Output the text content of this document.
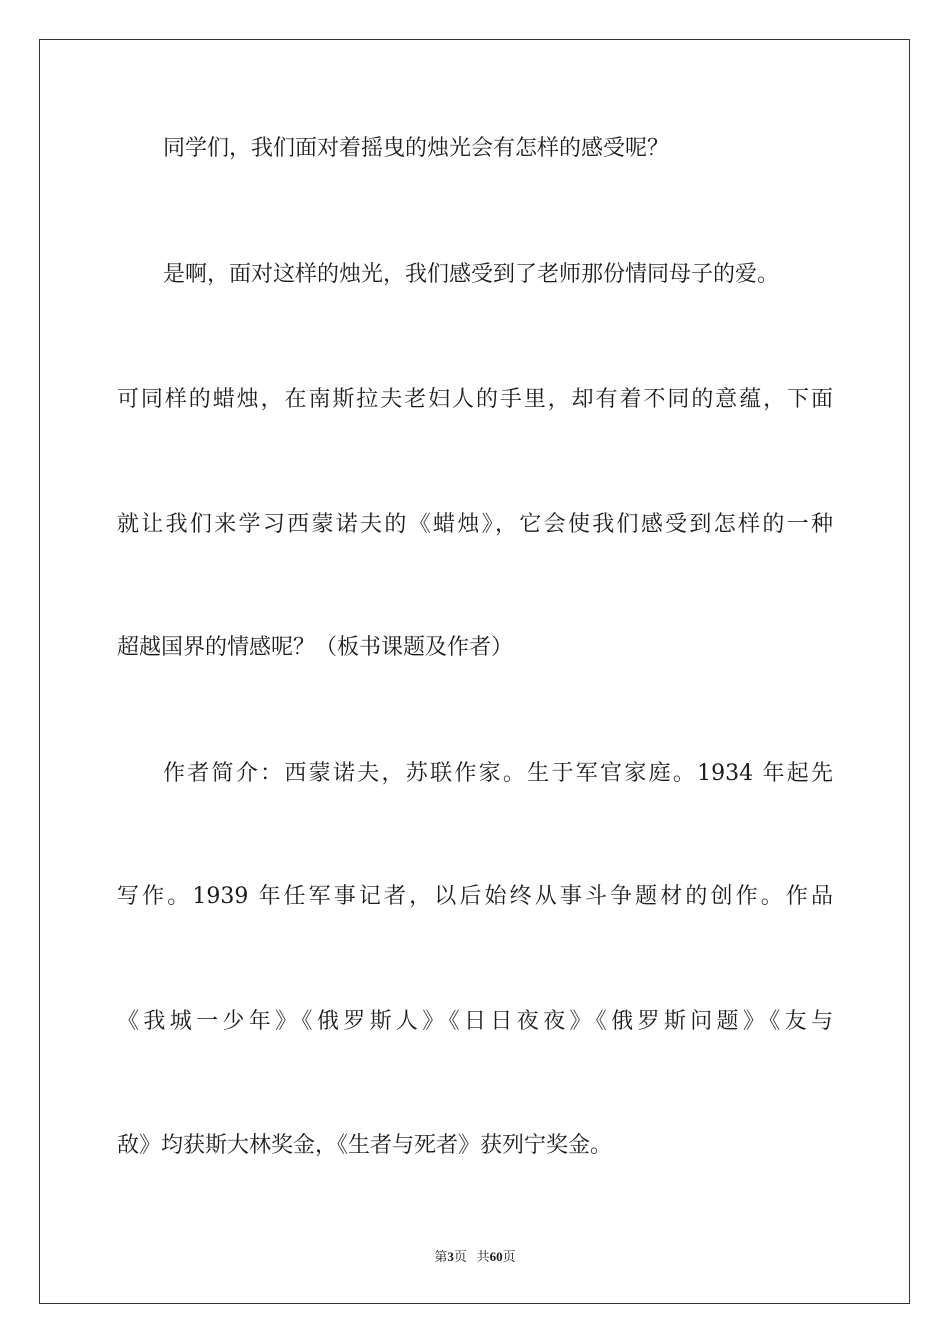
同学们，我们面对着摇曳的烛光会有怎样的感受呢？
是啊，面对这样的烛光，我们感受到了老师那份情同母子的爱。
可同样的蜡烛，在南斯拉夫老妇人的手里，却有着不同的意蕴，下面
就让我们来学习西蒙诺夫的《蜡烛》，它会使我们感受到怎样的一种
超越国界的情感呢？（板书课题及作者）
作者简介：西蒙诺夫，苏联作家。生于军官家庭。1934 年起先
写作。1939 年任军事记者，以后始终从事斗争题材的创作。作品
《我城一少年》《俄罗斯人》《日日夜夜》《俄罗斯问题》《友与
敌》均获斯大林奖金，《生者与死者》获列宁奖金。
第3页 共60页
